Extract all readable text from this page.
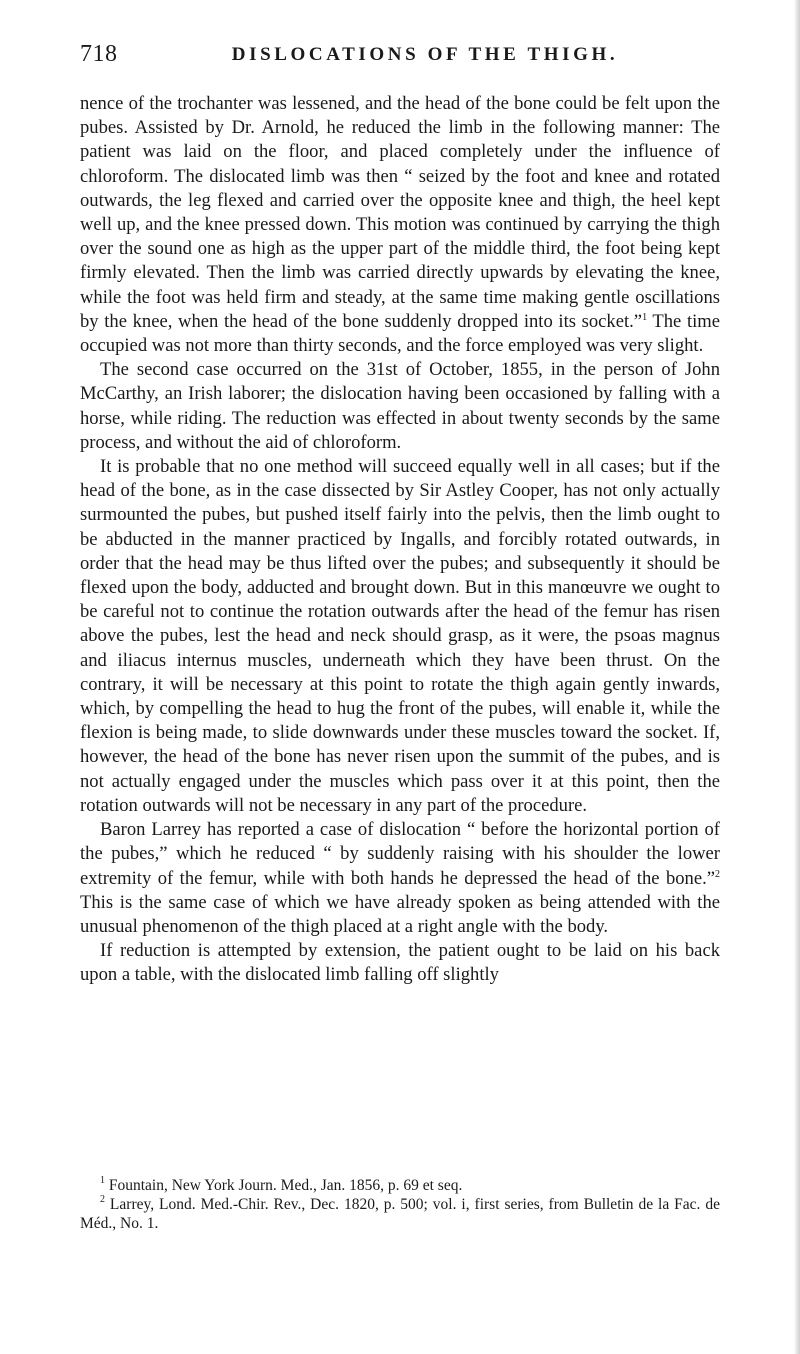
718	DISLOCATIONS OF THE THIGH.

nence of the trochanter was lessened, and the head of the bone could be felt upon the pubes. Assisted by Dr. Arnold, he reduced the limb in the following manner: The patient was laid on the floor, and placed completely under the influence of chloroform. The dislocated limb was then “ seized by the foot and knee and rotated outwards, the leg flexed and carried over the opposite knee and thigh, the heel kept well up, and the knee pressed down. This motion was continued by carrying the thigh over the sound one as high as the upper part of the middle third, the foot being kept firmly elevated. Then the limb was carried directly upwards by elevating the knee, while the foot was held firm and steady, at the same time making gentle oscillations by the knee, when the head of the bone suddenly dropped into its socket.”$^1$ The time occupied was not more than thirty seconds, and the force employed was very slight.

The second case occurred on the 31st of October, 1855, in the person of John McCarthy, an Irish laborer; the dislocation having been occasioned by falling with a horse, while riding. The reduction was effected in about twenty seconds by the same process, and without the aid of chloroform.

It is probable that no one method will succeed equally well in all cases; but if the head of the bone, as in the case dissected by Sir Astley Cooper, has not only actually surmounted the pubes, but pushed itself fairly into the pelvis, then the limb ought to be abducted in the manner practiced by Ingalls, and forcibly rotated outwards, in order that the head may be thus lifted over the pubes; and subsequently it should be flexed upon the body, adducted and brought down. But in this manœuvre we ought to be careful not to continue the rotation outwards after the head of the femur has risen above the pubes, lest the head and neck should grasp, as it were, the psoas magnus and iliacus internus muscles, underneath which they have been thrust. On the contrary, it will be necessary at this point to rotate the thigh again gently inwards, which, by compelling the head to hug the front of the pubes, will enable it, while the flexion is being made, to slide downwards under these muscles toward the socket. If, however, the head of the bone has never risen upon the summit of the pubes, and is not actually engaged under the muscles which pass over it at this point, then the rotation outwards will not be necessary in any part of the procedure.

Baron Larrey has reported a case of dislocation “ before the horizontal portion of the pubes,” which he reduced “ by suddenly raising with his shoulder the lower extremity of the femur, while with both hands he depressed the head of the bone.”$^2$ This is the same case of which we have already spoken as being attended with the unusual phenomenon of the thigh placed at a right angle with the body.

If reduction is attempted by extension, the patient ought to be laid on his back upon a table, with the dislocated limb falling off slightly

$^1$ Fountain, New York Journ. Med., Jan. 1856, p. 69 et seq.

$^2$ Larrey, Lond. Med.-Chir. Rev., Dec. 1820, p. 500; vol. i, first series, from Bulletin de la Fac. de Méd., No. 1.
